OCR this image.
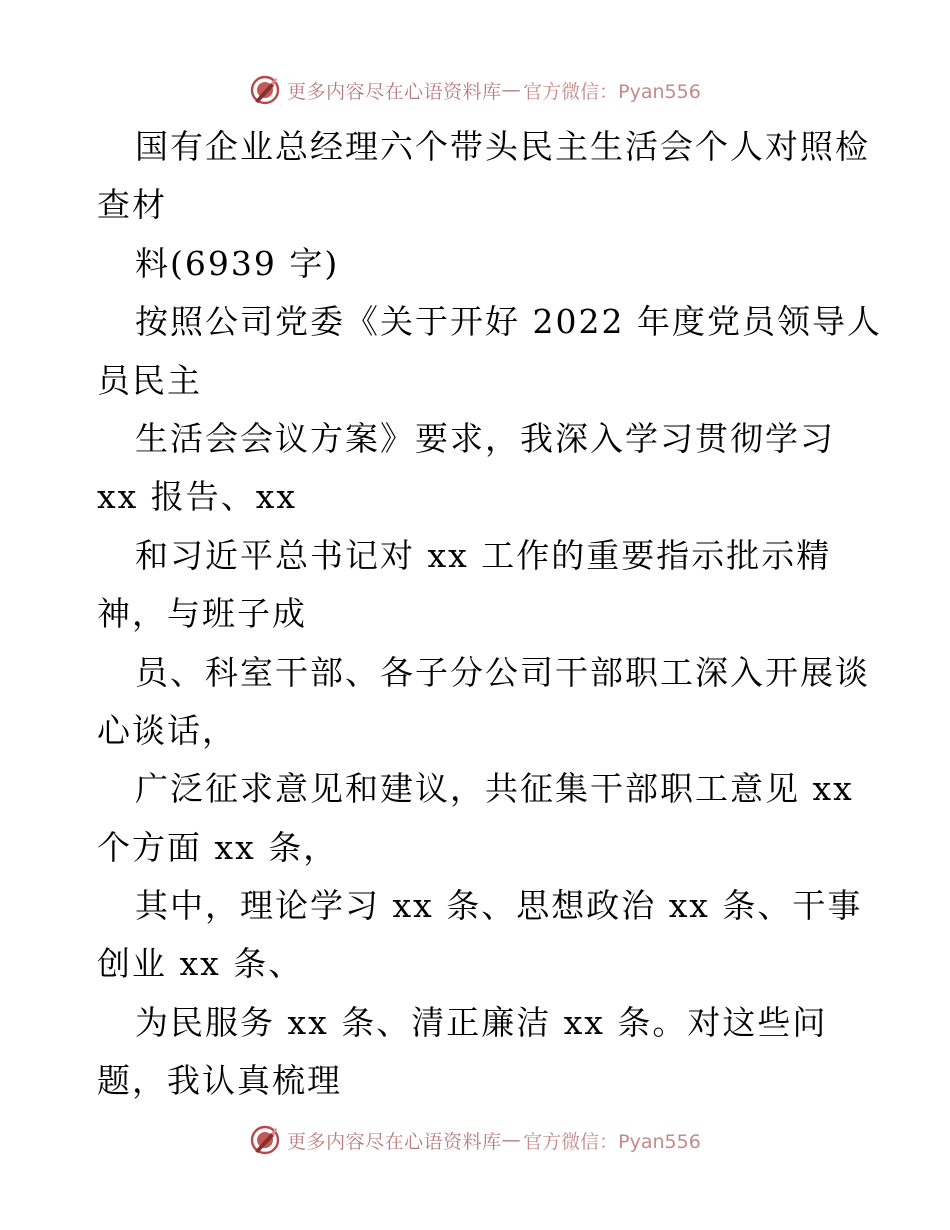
更多内容尽在心语资料库 — 官方微信：Pyan556
国有企业总经理六个带头民主生活会个人对照检
查材
料(6939 字)
按照公司党委《关于开好 2022 年度党员领导人
员民主
生活会会议方案》要求，我深入学习贯彻学习
xx 报告、xx
和习近平总书记对 xx 工作的重要指示批示精
神，与班子成
员、科室干部、各子分公司干部职工深入开展谈
心谈话，
广泛征求意见和建议，共征集干部职工意见 xx
个方面 xx 条，
其中，理论学习 xx 条、思想政治 xx 条、干事
创业 xx 条、
为民服务 xx 条、清正廉洁 xx 条。对这些问
题，我认真梳理
更多内容尽在心语资料库 — 官方微信：Pyan556
